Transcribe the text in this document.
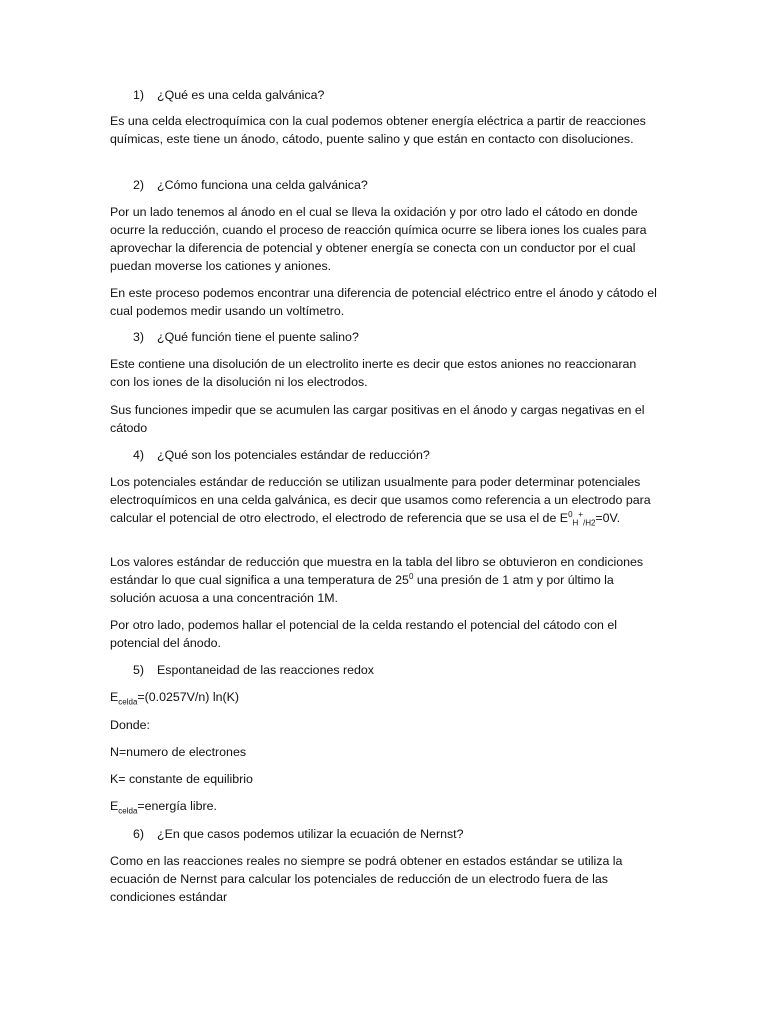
1) ¿Qué es una celda galvánica?

Es una celda electroquímica con la cual podemos obtener energía eléctrica a partir de reacciones químicas, este tiene un ánodo, cátodo, puente salino y que están en contacto con disoluciones.

2) ¿Cómo funciona una celda galvánica?

Por un lado tenemos al ánodo en el cual se lleva la oxidación y por otro lado el cátodo en donde ocurre la reducción, cuando el proceso de reacción química ocurre se libera iones los cuales para aprovechar la diferencia de potencial y obtener energía se conecta con un conductor por el cual puedan moverse los cationes y aniones.

En este proceso podemos encontrar una diferencia de potencial eléctrico entre el ánodo y cátodo el cual podemos medir usando un voltímetro.

3) ¿Qué función tiene el puente salino?

Este contiene una disolución de un electrolito inerte es decir que estos aniones no reaccionaran con los iones de la disolución ni los electrodos.

Sus funciones impedir que se acumulen las cargar positivas en el ánodo y cargas negativas en el cátodo

4) ¿Qué son los potenciales estándar de reducción?

Los potenciales estándar de reducción se utilizan usualmente para poder determinar potenciales electroquímicos en una celda galvánica, es decir que usamos como referencia a un electrodo para calcular el potencial de otro electrodo, el electrodo de referencia que se usa el de $E^0_H^+_{/H2}=0V$.

Los valores estándar de reducción que muestra en la tabla del libro se obtuvieron en condiciones estándar lo que cual significa a una temperatura de $25^0$ una presión de 1 atm y por último la solución acuosa a una concentración 1M.

Por otro lado, podemos hallar el potencial de la celda restando el potencial del cátodo con el potencial del ánodo.

5) Espontaneidad de las reacciones redox

$E_{celda}=(0.0257V/n)$ ln(K)

Donde:

N=numero de electrones

K= constante de equilibrio

$E_{celda}=energía$ libre.

6) ¿En que casos podemos utilizar la ecuación de Nernst?

Como en las reacciones reales no siempre se podrá obtener en estados estándar se utiliza la ecuación de Nernst para calcular los potenciales de reducción de un electrodo fuera de las condiciones estándar
